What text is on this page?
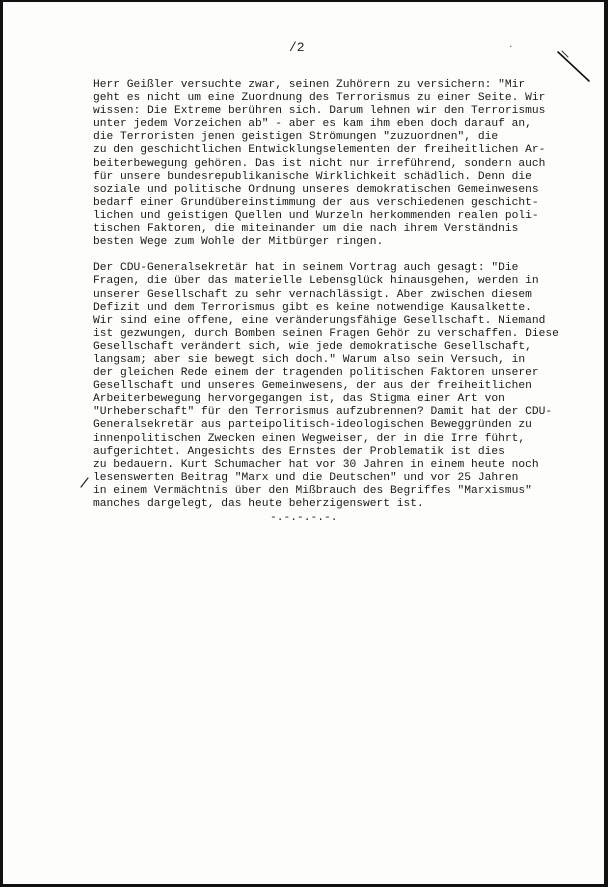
/2	·
Herr Geißler versuchte zwar, seinen Zuhörern zu versichern: "Mir
geht es nicht um eine Zuordnung des Terrorismus zu einer Seite. Wir
wissen: Die Extreme berühren sich. Darum lehnen wir den Terrorismus
unter jedem Vorzeichen ab" - aber es kam ihm eben doch darauf an,
die Terroristen jenen geistigen Strömungen "zuzuordnen", die
zu den geschichtlichen Entwicklungselementen der freiheitlichen Ar-
beiterbewegung gehören. Das ist nicht nur irreführend, sondern auch
für unsere bundesrepublikanische Wirklichkeit schädlich. Denn die
soziale und politische Ordnung unseres demokratischen Gemeinwesens
bedarf einer Grundübereinstimmung der aus verschiedenen geschicht-
lichen und geistigen Quellen und Wurzeln herkommenden realen poli-
tischen Faktoren, die miteinander um die nach ihrem Verständnis
besten Wege zum Wohle der Mitbürger ringen.
Der CDU-Generalsekretär hat in seinem Vortrag auch gesagt: "Die
Fragen, die über das materielle Lebensglück hinausgehen, werden in
unserer Gesellschaft zu sehr vernachlässigt. Aber zwischen diesem
Defizit und dem Terrorismus gibt es keine notwendige Kausalkette.
Wir sind eine offene, eine veränderungsfähige Gesellschaft. Niemand
ist gezwungen, durch Bomben seinen Fragen Gehör zu verschaffen. Diese
Gesellschaft verändert sich, wie jede demokratische Gesellschaft,
langsam; aber sie bewegt sich doch." Warum also sein Versuch, in
der gleichen Rede einem der tragenden politischen Faktoren unserer
Gesellschaft und unseres Gemeinwesens, der aus der freiheitlichen
Arbeiterbewegung hervorgegangen ist, das Stigma einer Art von
"Urheberschaft" für den Terrorismus aufzubrennen? Damit hat der CDU-
Generalsekretär aus parteipolitisch-ideologischen Beweggründen zu
innenpolitischen Zwecken einen Wegweiser, der in die Irre führt,
aufgerichtet. Angesichts des Ernstes der Problematik ist dies
zu bedauern. Kurt Schumacher hat vor 30 Jahren in einem heute noch
lesenswerten Beitrag "Marx und die Deutschen" und vor 25 Jahren
in einem Vermächtnis über den Mißbrauch des Begriffes "Marxismus"
manches dargelegt, das heute beherzigenswert ist.
-.-.-.-.-.
